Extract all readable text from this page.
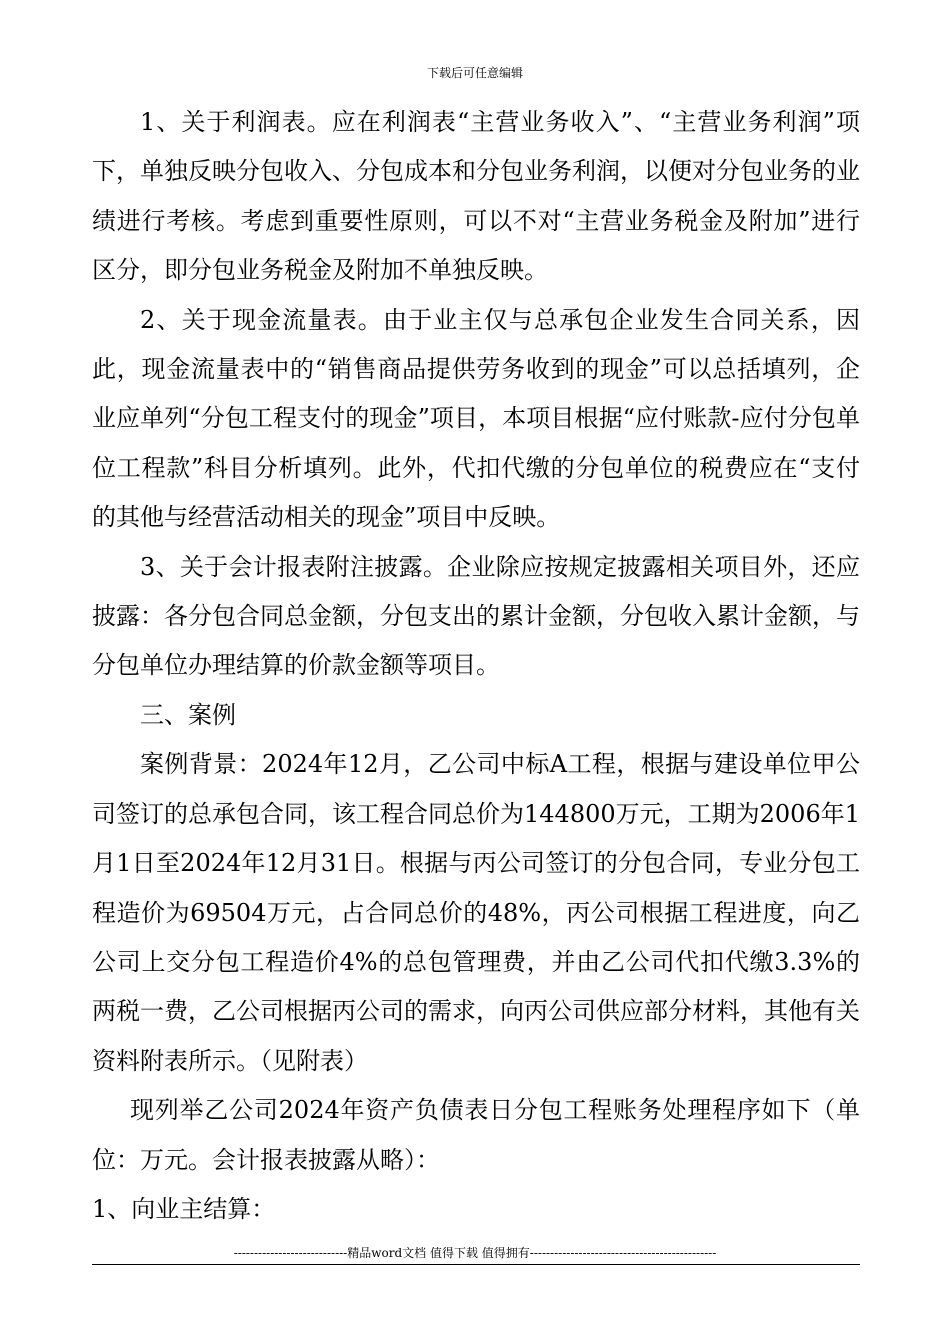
下载后可任意编辑

1、关于利润表。应在利润表“主营业务收入”、“主营业务利润”项下，单独反映分包收入、分包成本和分包业务利润，以便对分包业务的业绩进行考核。考虑到重要性原则，可以不对“主营业务税金及附加”进行区分，即分包业务税金及附加不单独反映。

2、关于现金流量表。由于业主仅与总承包企业发生合同关系，因此，现金流量表中的“销售商品提供劳务收到的现金”可以总括填列，企业应单列“分包工程支付的现金”项目，本项目根据“应付账款-应付分包单位工程款”科目分析填列。此外，代扣代缴的分包单位的税费应在“支付的其他与经营活动相关的现金”项目中反映。

3、关于会计报表附注披露。企业除应按规定披露相关项目外，还应披露：各分包合同总金额，分包支出的累计金额，分包收入累计金额，与分包单位办理结算的价款金额等项目。

三、案例

案例背景：2024年12月，乙公司中标A工程，根据与建设单位甲公司签订的总承包合同，该工程合同总价为144800万元，工期为2006年1月1日至2024年12月31日。根据与丙公司签订的分包合同，专业分包工程造价为69504万元，占合同总价的48%，丙公司根据工程进度，向乙公司上交分包工程造价4%的总包管理费，并由乙公司代扣代缴3.3%的两税一费，乙公司根据丙公司的需求，向丙公司供应部分材料，其他有关资料附表所示。（见附表）

现列举乙公司2024年资产负债表日分包工程账务处理程序如下（单位：万元。会计报表披露从略）：

1、向业主结算：

----------------------------精品word文档 值得下载 值得拥有----------------------------------------------
